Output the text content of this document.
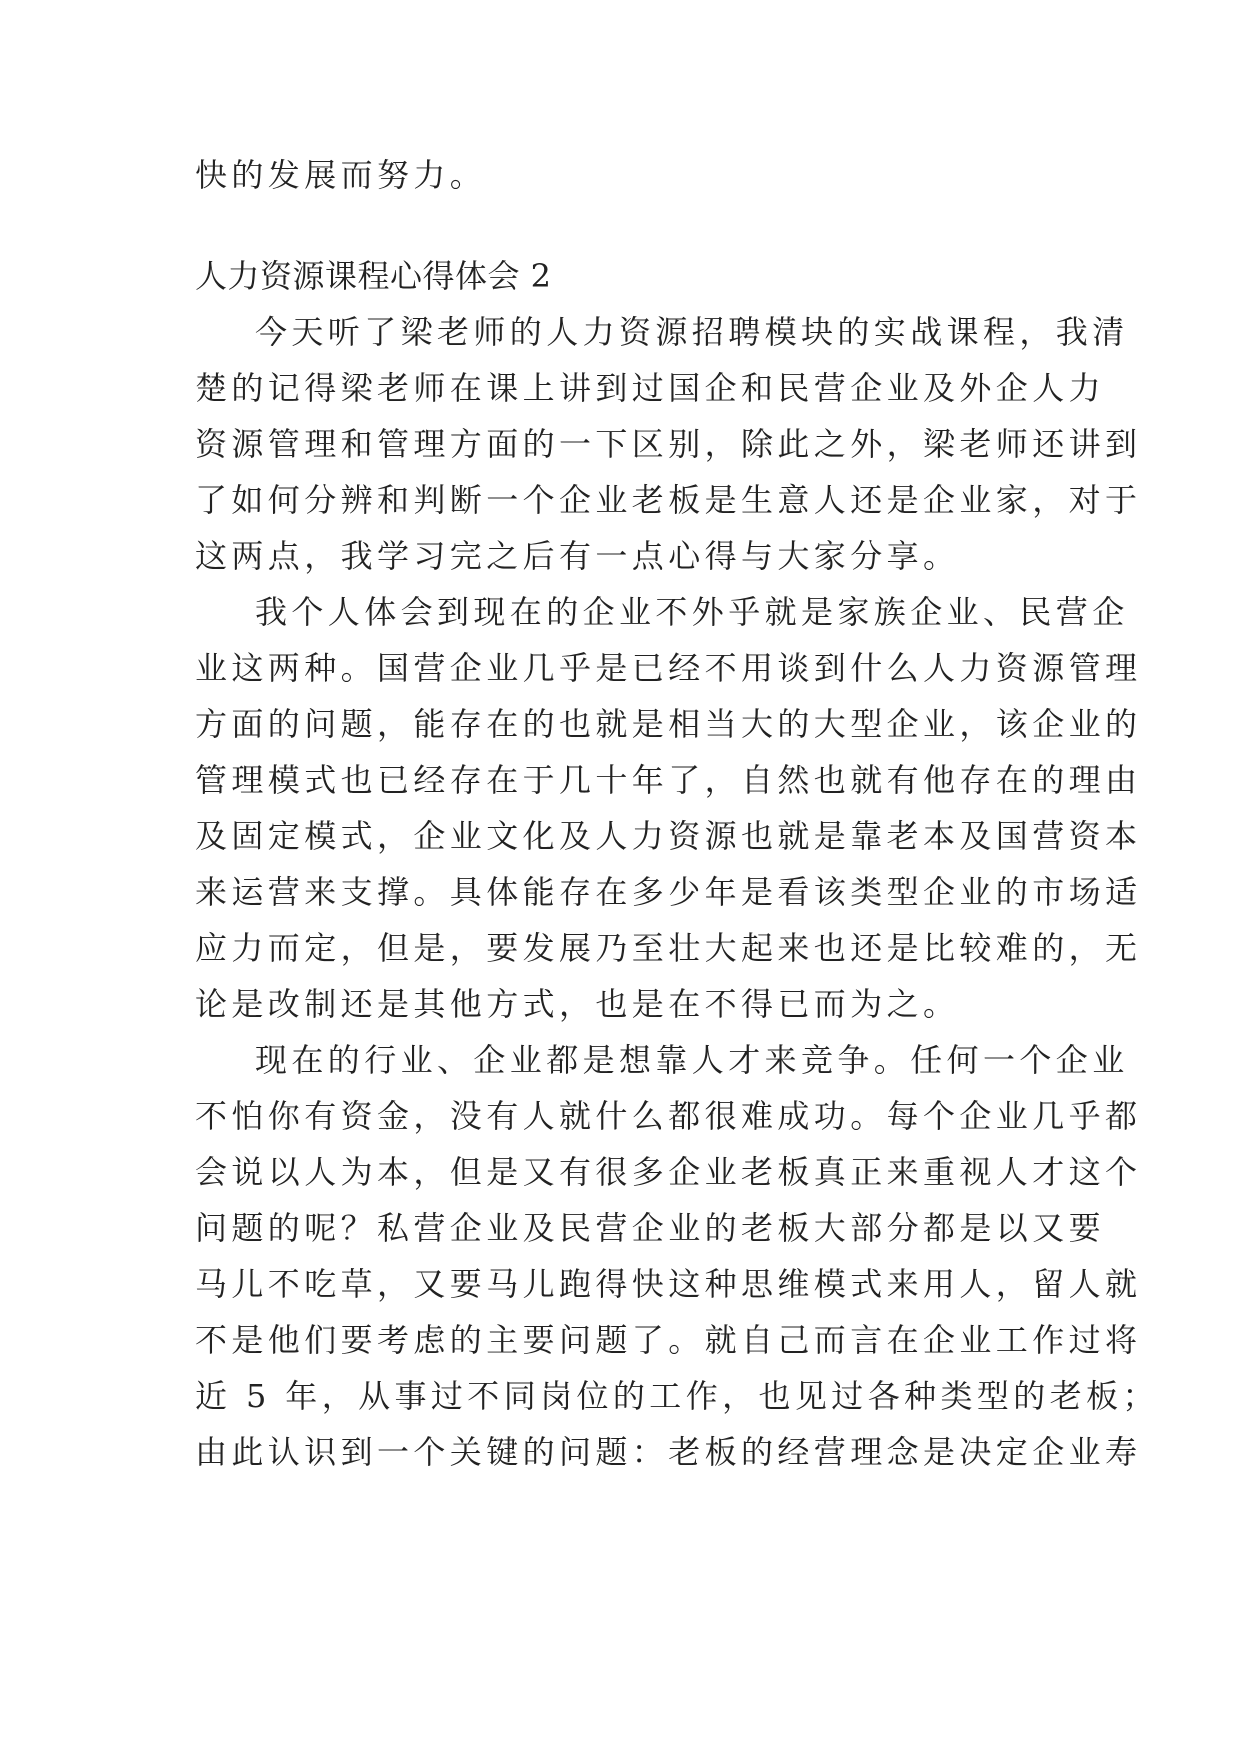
快的发展而努力。
人力资源课程心得体会 2
今天听了梁老师的人力资源招聘模块的实战课程，我清
楚的记得梁老师在课上讲到过国企和民营企业及外企人力
资源管理和管理方面的一下区别，除此之外，梁老师还讲到
了如何分辨和判断一个企业老板是生意人还是企业家，对于
这两点，我学习完之后有一点心得与大家分享。
我个人体会到现在的企业不外乎就是家族企业、民营企
业这两种。国营企业几乎是已经不用谈到什么人力资源管理
方面的问题，能存在的也就是相当大的大型企业，该企业的
管理模式也已经存在于几十年了，自然也就有他存在的理由
及固定模式，企业文化及人力资源也就是靠老本及国营资本
来运营来支撑。具体能存在多少年是看该类型企业的市场适
应力而定，但是，要发展乃至壮大起来也还是比较难的，无
论是改制还是其他方式，也是在不得已而为之。
现在的行业、企业都是想靠人才来竞争。任何一个企业
不怕你有资金，没有人就什么都很难成功。每个企业几乎都
会说以人为本，但是又有很多企业老板真正来重视人才这个
问题的呢？私营企业及民营企业的老板大部分都是以又要
马儿不吃草，又要马儿跑得快这种思维模式来用人，留人就
不是他们要考虑的主要问题了。就自己而言在企业工作过将
近 5 年，从事过不同岗位的工作，也见过各种类型的老板；
由此认识到一个关键的问题：老板的经营理念是决定企业寿
